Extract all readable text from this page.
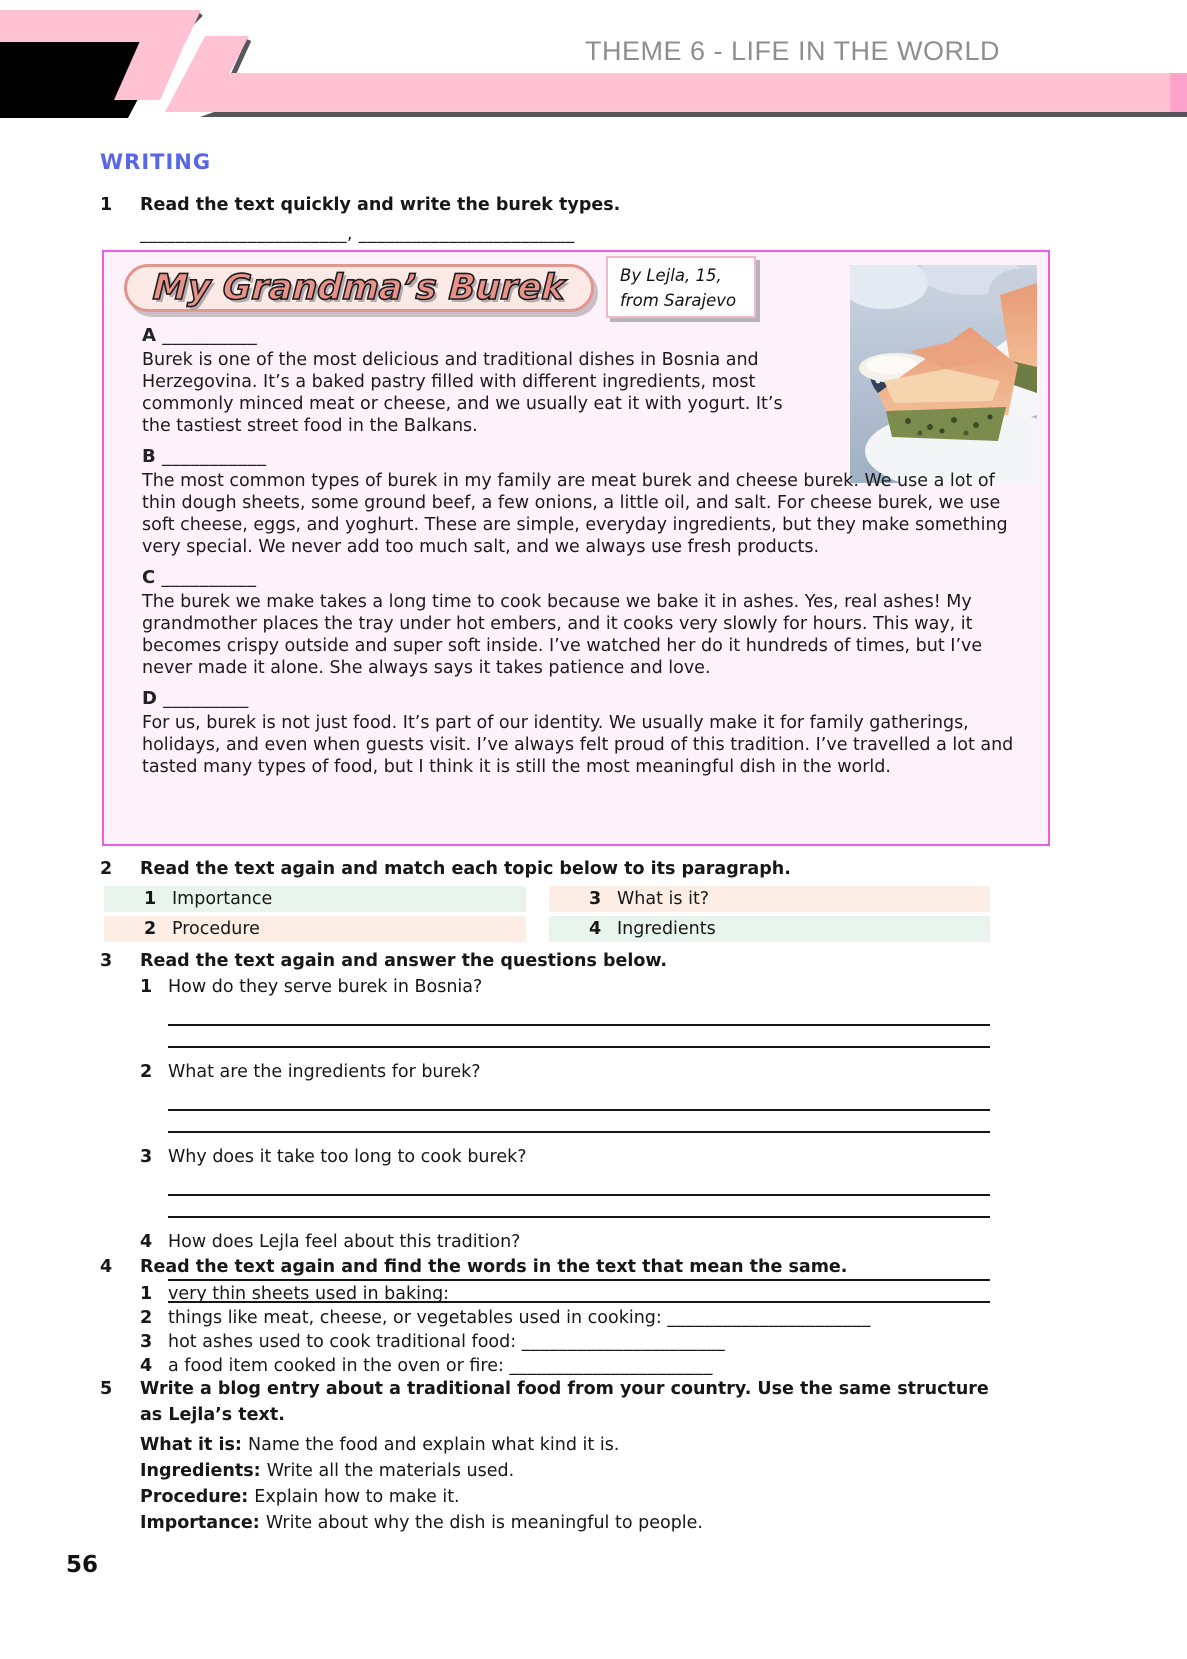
THEME 6 - LIFE IN THE WORLD
WRITING
1	Read the text quickly and write the burek types.
_______________________, ________________________
My Grandma’s Burek	By Lejla, 15,
from Sarajevo
A __________
Burek is one of the most delicious and traditional dishes in Bosnia and Herzegovina. It’s a baked pastry filled with different ingredients, most commonly minced meat or cheese, and we usually eat it with yogurt. It’s the tastiest street food in the Balkans.
B ___________
The most common types of burek in my family are meat burek and cheese burek. We use a lot of thin dough sheets, some ground beef, a few onions, a little oil, and salt. For cheese burek, we use soft cheese, eggs, and yoghurt. These are simple, everyday ingredients, but they make something very special. We never add too much salt, and we always use fresh products.
C __________
The burek we make takes a long time to cook because we bake it in ashes. Yes, real ashes! My grandmother places the tray under hot embers, and it cooks very slowly for hours. This way, it becomes crispy outside and super soft inside. I’ve watched her do it hundreds of times, but I’ve never made it alone. She always says it takes patience and love.
D _________
For us, burek is not just food. It’s part of our identity. We usually make it for family gatherings, holidays, and even when guests visit. I’ve always felt proud of this tradition. I’ve travelled a lot and tasted many types of food, but I think it is still the most meaningful dish in the world.
2	Read the text again and match each topic below to its paragraph.
1 Importance
2 Procedure
3 What is it?
4 Ingredients
3	Read the text again and answer the questions below.
1 How do they serve burek in Bosnia?
2 What are the ingredients for burek?
3 Why does it take too long to cook burek?
4 How does Lejla feel about this tradition?
4	Read the text again and find the words in the text that mean the same.
1 very thin sheets used in baking: ______________________
2 things like meat, cheese, or vegetables used in cooking: ______________________
3 hot ashes used to cook traditional food: ______________________
4 a food item cooked in the oven or fire: ______________________
5	Write a blog entry about a traditional food from your country. Use the same structure as Lejla’s text.
What it is: Name the food and explain what kind it is.
Ingredients: Write all the materials used.
Procedure: Explain how to make it.
Importance: Write about why the dish is meaningful to people.
56
